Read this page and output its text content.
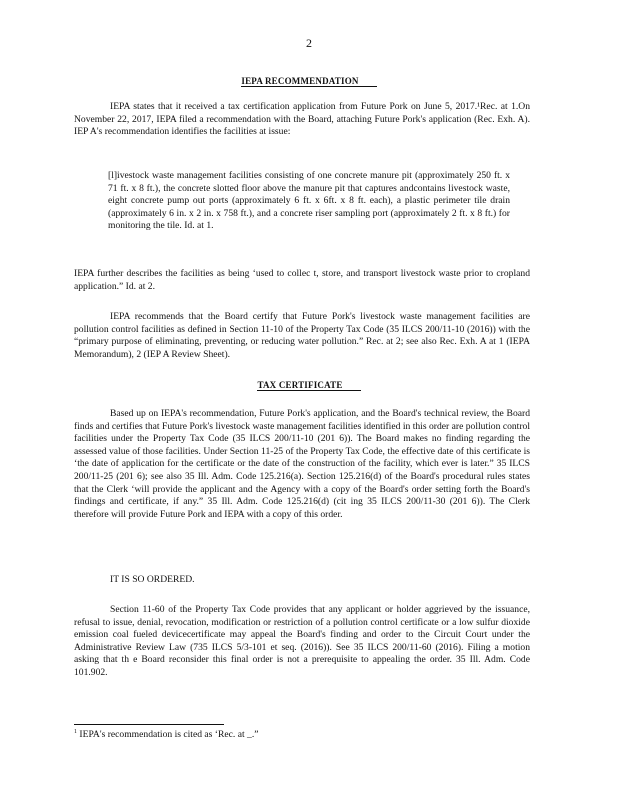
2
IEPA RECOMMENDATION

IEPA states that it received a tax certification application from Future Pork on June 5, 2017.¹Rec. at 1.On November 22, 2017, IEPA filed a recommendation with the Board, attaching Future Pork's application (Rec. Exh. A). IEP A's recommendation identifies the facilities at issue:

[l]ivestock waste management facilities consisting of one concrete manure pit (approximately 250 ft. x 71 ft. x 8 ft.), the concrete slotted floor above the manure pit that captures andcontains livestock waste, eight concrete pump out ports (approximately 6 ft. x 6ft. x 8 ft. each), a plastic perimeter tile drain (approximately 6 in. x 2 in. x 758 ft.), and a concrete riser sampling port (approximately 2 ft. x 8 ft.) for monitoring the tile. Id. at 1.

IEPA further describes the facilities as being ‘used to collec t, store, and transport livestock waste prior to cropland application.” Id. at 2.

IEPA recommends that the Board certify that Future Pork's livestock waste management facilities are pollution control facilities as defined in Section 11-10 of the Property Tax Code (35 ILCS 200/11-10 (2016)) with the “primary purpose of eliminating, preventing, or reducing water pollution.” Rec. at 2; see also Rec. Exh. A at 1 (IEPA Memorandum), 2 (IEP A Review Sheet).

TAX CERTIFICATE

Based up on IEPA's recommendation, Future Pork's application, and the Board's technical review, the Board finds and certifies that Future Pork's livestock waste management facilities identified in this order are pollution control facilities under the Property Tax Code (35 ILCS 200/11-10 (201 6)). The Board makes no finding regarding the assessed value of those facilities. Under Section 11-25 of the Property Tax Code, the effective date of this certificate is ‘the date of application for the certificate or the date of the construction of the facility, which ever is later.” 35 ILCS 200/11-25 (201 6); see also 35 Ill. Adm. Code 125.216(a). Section 125.216(d) of the Board's procedural rules states that the Clerk ‘will provide the applicant and the Agency with a copy of the Board's order setting forth the Board's findings and certificate, if any.” 35 Ill. Adm. Code 125.216(d) (cit ing 35 ILCS 200/11-30 (201 6)). The Clerk therefore will provide Future Pork and IEPA with a copy of this order.

IT IS SO ORDERED.

Section 11-60 of the Property Tax Code provides that any applicant or holder aggrieved by the issuance, refusal to issue, denial, revocation, modification or restriction of a pollution control certificate or a low sulfur dioxide emission coal fueled devicecertificate may appeal the Board's finding and order to the Circuit Court under the Administrative Review Law (735 ILCS 5/3-101 et seq. (2016)). See 35 ILCS 200/11-60 (2016). Filing a motion asking that th e Board reconsider this final order is not a prerequisite to appealing the order. 35 Ill. Adm. Code 101.902.

$^1$ IEPA's recommendation is cited as ‘Rec. at _.”
